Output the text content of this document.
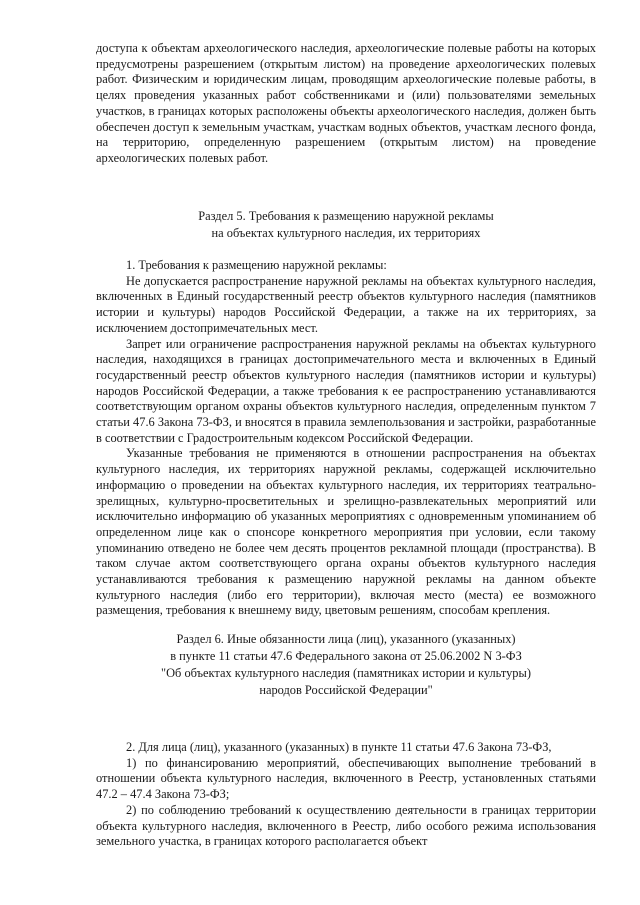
доступа к объектам археологического наследия, археологические полевые работы на которых предусмотрены разрешением (открытым листом) на проведение археологических полевых работ. Физическим и юридическим лицам, проводящим археологические полевые работы, в целях проведения указанных работ собственниками и (или) пользователями земельных участков, в границах которых расположены объекты археологического наследия, должен быть обеспечен доступ к земельным участкам, участкам водных объектов, участкам лесного фонда, на территорию, определенную разрешением (открытым листом) на проведение археологических полевых работ.

Раздел 5. Требования к размещению наружной рекламы

на объектах культурного наследия, их территориях

1. Требования к размещению наружной рекламы:

Не допускается распространение наружной рекламы на объектах культурного наследия, включенных в Единый государственный реестр объектов культурного наследия (памятников истории и культуры) народов Российской Федерации, а также на их территориях, за исключением достопримечательных мест.

Запрет или ограничение распространения наружной рекламы на объектах культурного наследия, находящихся в границах достопримечательного места и включенных в Единый государственный реестр объектов культурного наследия (памятников истории и культуры) народов Российской Федерации, а также требования к ее распространению устанавливаются соответствующим органом охраны объектов культурного наследия, определенным пунктом 7 статьи 47.6 Закона 73-ФЗ, и вносятся в правила землепользования и застройки, разработанные в соответствии с Градостроительным кодексом Российской Федерации.

Указанные требования не применяются в отношении распространения на объектах культурного наследия, их территориях наружной рекламы, содержащей исключительно информацию о проведении на объектах культурного наследия, их территориях театрально-зрелищных, культурно-просветительных и зрелищно-развлекательных мероприятий или исключительно информацию об указанных мероприятиях с одновременным упоминанием об определенном лице как о спонсоре конкретного мероприятия при условии, если такому упоминанию отведено не более чем десять процентов рекламной площади (пространства). В таком случае актом соответствующего органа охраны объектов культурного наследия устанавливаются требования к размещению наружной рекламы на данном объекте культурного наследия (либо его территории), включая место (места) ее возможного размещения, требования к внешнему виду, цветовым решениям, способам крепления.

Раздел 6. Иные обязанности лица (лиц), указанного (указанных)

в пункте 11 статьи 47.6 Федерального закона от 25.06.2002 N 3-ФЗ

"Об объектах культурного наследия (памятниках истории и культуры)

народов Российской Федерации"

2. Для лица (лиц), указанного (указанных) в пункте 11 статьи 47.6 Закона 73-ФЗ,

1) по финансированию мероприятий, обеспечивающих выполнение требований в отношении объекта культурного наследия, включенного в Реестр, установленных статьями 47.2 – 47.4 Закона 73-ФЗ;

2) по соблюдению требований к осуществлению деятельности в границах территории объекта культурного наследия, включенного в Реестр, либо особого режима использования земельного участка, в границах которого располагается объект
